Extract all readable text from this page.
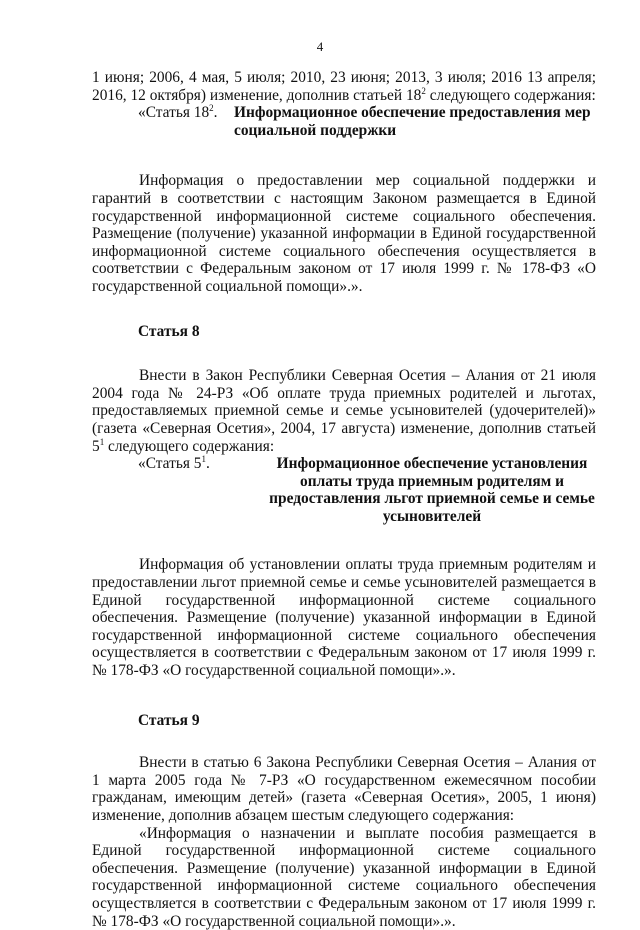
4

1 июня; 2006, 4 мая, 5 июля; 2010, 23 июня; 2013, 3 июля; 2016 13 апреля; 2016, 12 октября) изменение, дополнив статьей $18^2$ следующего содержания:

«Статья $18^2$.	Информационное обеспечение предоставления мер социальной поддержки

Информация о предоставлении мер социальной поддержки и гарантий в соответствии с настоящим Законом размещается в Единой государственной информационной системе социального обеспечения. Размещение (получение) указанной информации в Единой государственной информационной системе социального обеспечения осуществляется в соответствии с Федеральным законом от 17 июля 1999 г. № 178-ФЗ «О государственной социальной помощи».».

Статья 8

Внести в Закон Республики Северная Осетия – Алания от 21 июля 2004 года № 24-РЗ «Об оплате труда приемных родителей и льготах, предоставляемых приемной семье и семье усыновителей (удочерителей)» (газета «Северная Осетия», 2004, 17 августа) изменение, дополнив статьей $5^1$ следующего содержания:

«Статья $5^1$.	Информационное обеспечение установления оплаты труда приемным родителям и предоставления льгот приемной семье и семье усыновителей

Информация об установлении оплаты труда приемным родителям и предоставлении льгот приемной семье и семье усыновителей размещается в Единой государственной информационной системе социального обеспечения. Размещение (получение) указанной информации в Единой государственной информационной системе социального обеспечения осуществляется в соответствии с Федеральным законом от 17 июля 1999 г. № 178-ФЗ «О государственной социальной помощи».».

Статья 9

Внести в статью 6 Закона Республики Северная Осетия – Алания от 1 марта 2005 года № 7-РЗ «О государственном ежемесячном пособии гражданам, имеющим детей» (газета «Северная Осетия», 2005, 1 июня) изменение, дополнив абзацем шестым следующего содержания:

«Информация о назначении и выплате пособия размещается в Единой государственной информационной системе социального обеспечения. Размещение (получение) указанной информации в Единой государственной информационной системе социального обеспечения осуществляется в соответствии с Федеральным законом от 17 июля 1999 г. № 178-ФЗ «О государственной социальной помощи».».
